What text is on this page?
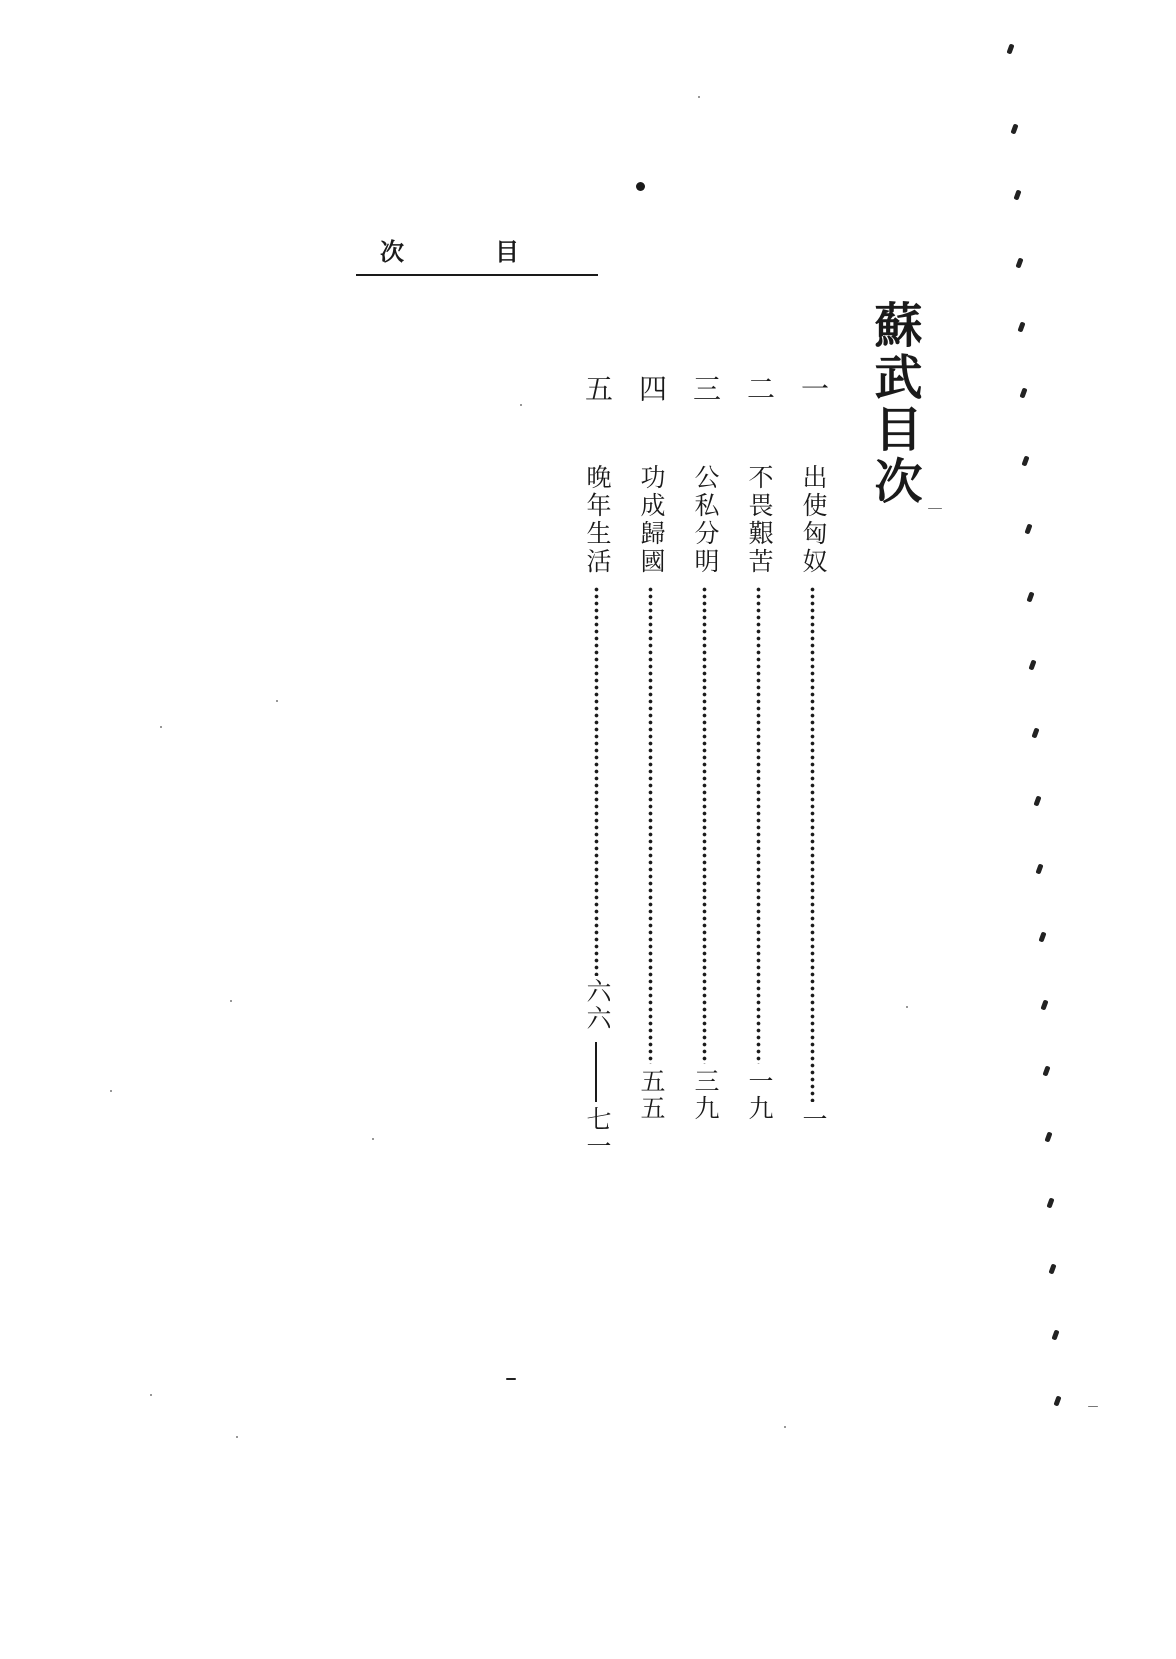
次	目
蘇武目次
一
出使匈奴
一
二
不畏艱苦
一九
三
公私分明
三九
四
功成歸國
五五
五
晚年生活
六六
七一
